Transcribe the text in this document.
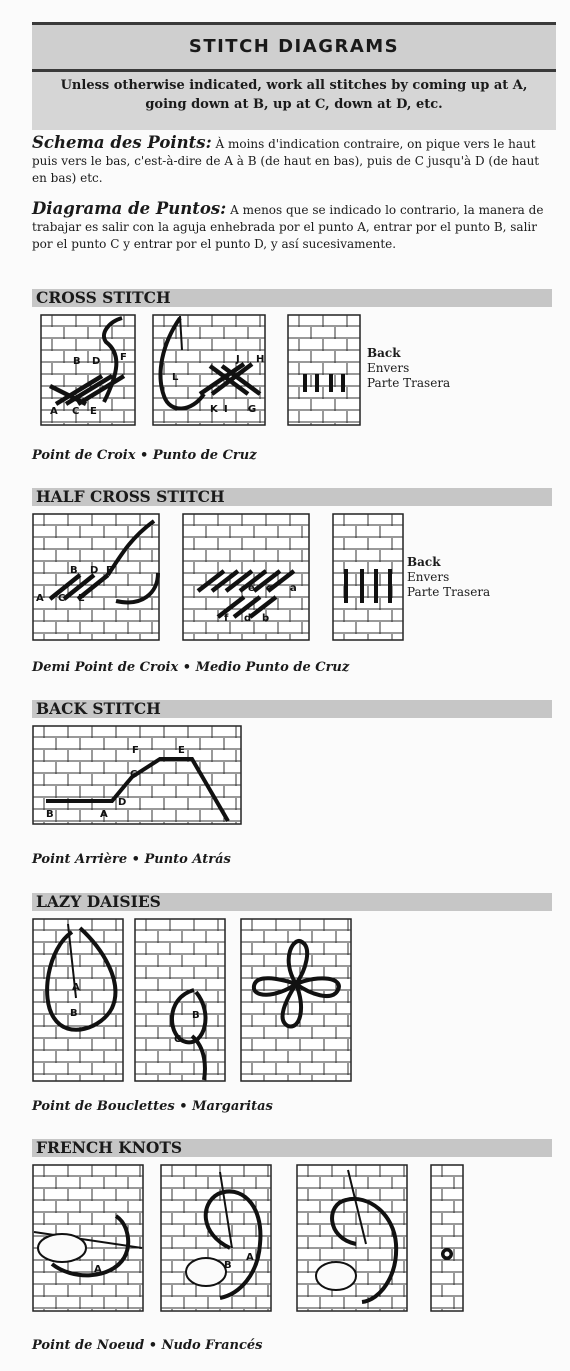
STITCH DIAGRAMS
Unless otherwise indicated, work all stitches by coming up at A,
going down at B, up at C, down at D, etc.
Schema des Points: À moins d'indication contraire, on pique vers le haut puis vers le bas, c'est-à-dire de A à B (de haut en bas), puis de C jusqu'à D (de haut en bas) etc.
Diagrama de Puntos: A menos que se indicado lo contrario, la manera de trabajar es salir con la aguja enhebrada por el punto A, entrar por el punto B, salir por el punto C y entrar por el punto D, y así sucesivamente.
CROSS STITCH
B D F
A C E
J H
L
K I G
Back
Envers
Parte Trasera
Point de Croix • Punto de Cruz
HALF CROSS STITCH
B D F
A C E
e c a
f d b
Back
Envers
Parte Trasera
Demi Point de Croix • Medio Punto de Cruz
BACK STITCH
F	E
C
D
B	A
Point Arrière • Punto Atrás
LAZY DAISIES
A
B	B
C
Point de Bouclettes • Margaritas
FRENCH KNOTS
A	B
A
Point de Noeud • Nudo Francés
